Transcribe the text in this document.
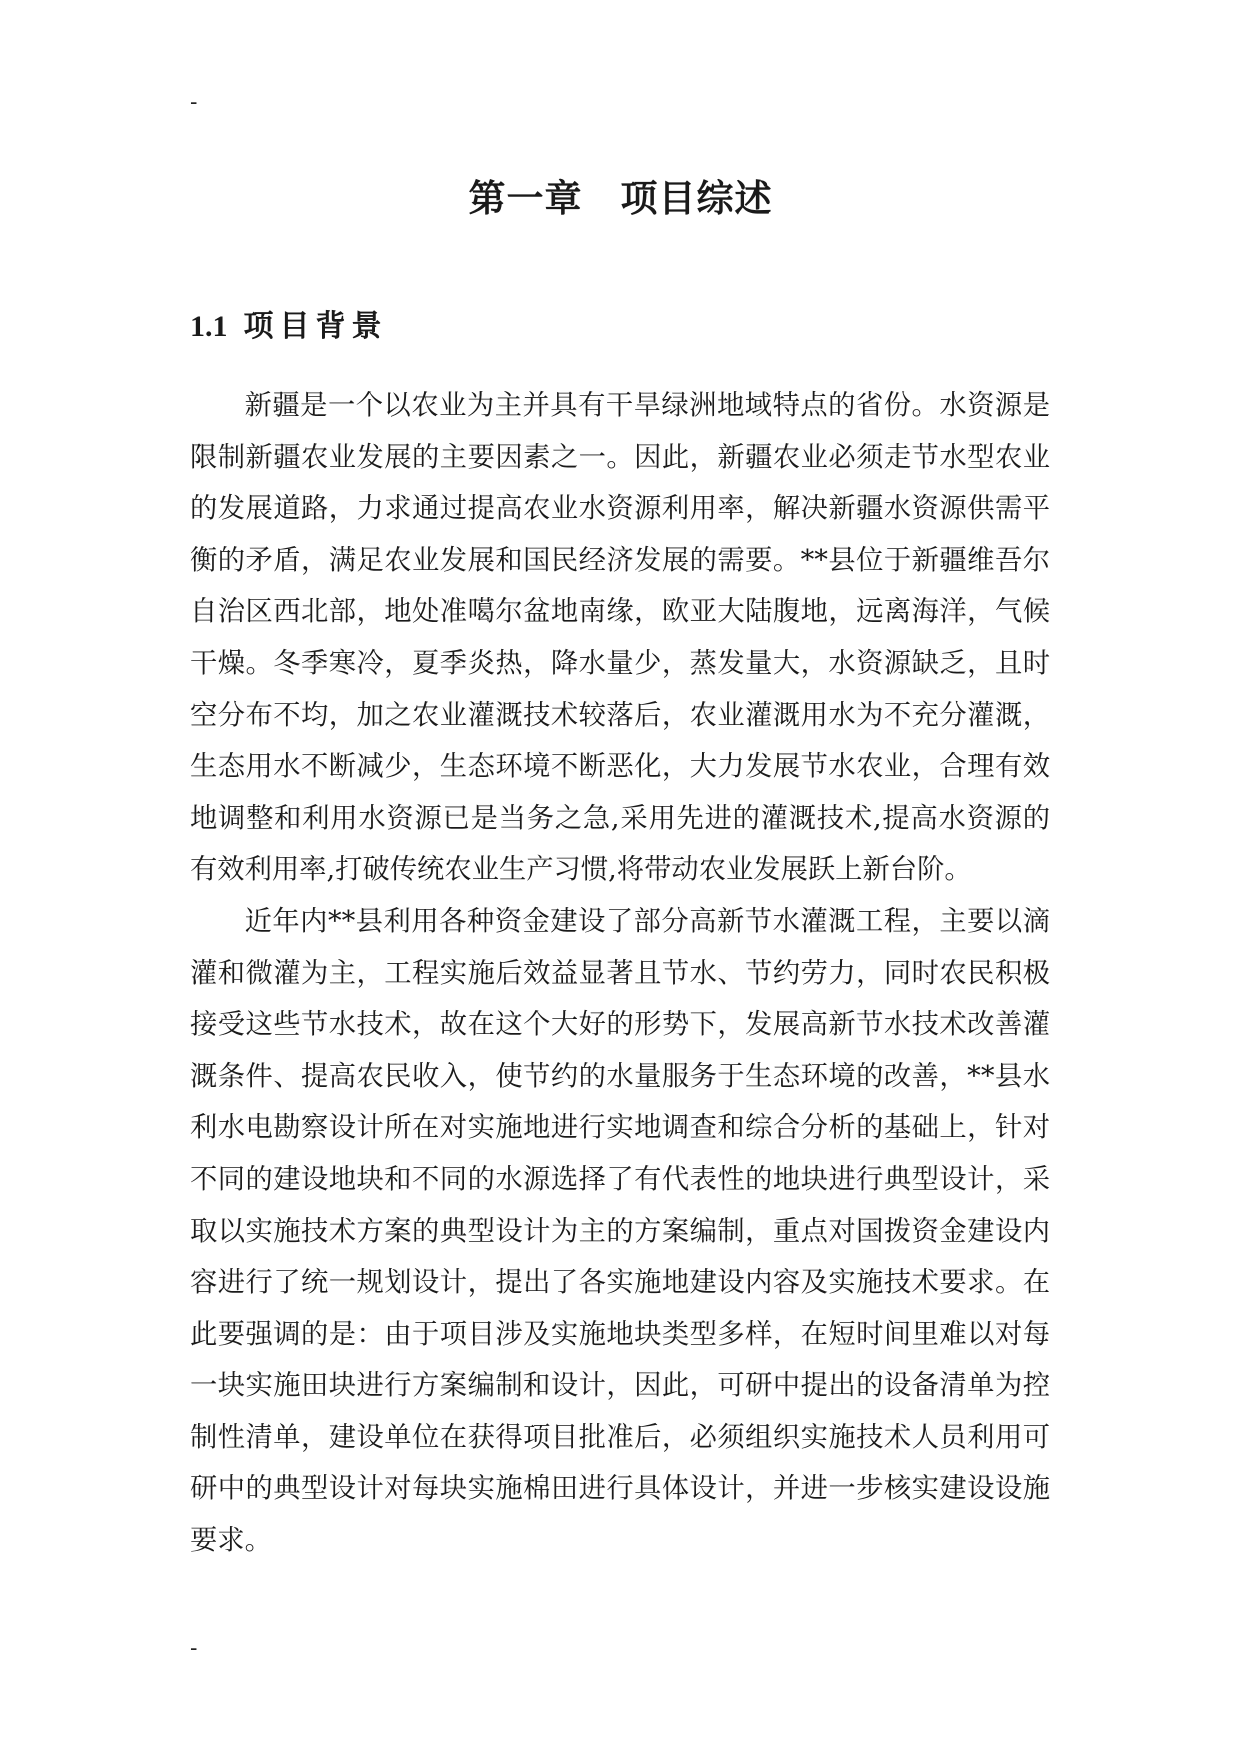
-
第一章　项目综述
1.1 项目背景

新疆是一个以农业为主并具有干旱绿洲地域特点的省份。水资源是限制新疆农业发展的主要因素之一。因此，新疆农业必须走节水型农业的发展道路，力求通过提高农业水资源利用率，解决新疆水资源供需平衡的矛盾，满足农业发展和国民经济发展的需要。**县位于新疆维吾尔自治区西北部，地处准噶尔盆地南缘，欧亚大陆腹地，远离海洋，气候干燥。冬季寒冷，夏季炎热，降水量少，蒸发量大，水资源缺乏，且时空分布不均，加之农业灌溉技术较落后，农业灌溉用水为不充分灌溉，生态用水不断减少，生态环境不断恶化，大力发展节水农业，合理有效地调整和利用水资源已是当务之急,采用先进的灌溉技术,提高水资源的有效利用率,打破传统农业生产习惯,将带动农业发展跃上新台阶。

近年内**县利用各种资金建设了部分高新节水灌溉工程，主要以滴灌和微灌为主，工程实施后效益显著且节水、节约劳力，同时农民积极接受这些节水技术，故在这个大好的形势下，发展高新节水技术改善灌溉条件、提高农民收入，使节约的水量服务于生态环境的改善，**县水利水电勘察设计所在对实施地进行实地调查和综合分析的基础上，针对不同的建设地块和不同的水源选择了有代表性的地块进行典型设计，采取以实施技术方案的典型设计为主的方案编制，重点对国拨资金建设内容进行了统一规划设计，提出了各实施地建设内容及实施技术要求。在此要强调的是：由于项目涉及实施地块类型多样，在短时间里难以对每一块实施田块进行方案编制和设计，因此，可研中提出的设备清单为控制性清单，建设单位在获得项目批准后，必须组织实施技术人员利用可研中的典型设计对每块实施棉田进行具体设计，并进一步核实建设设施要求。

-
